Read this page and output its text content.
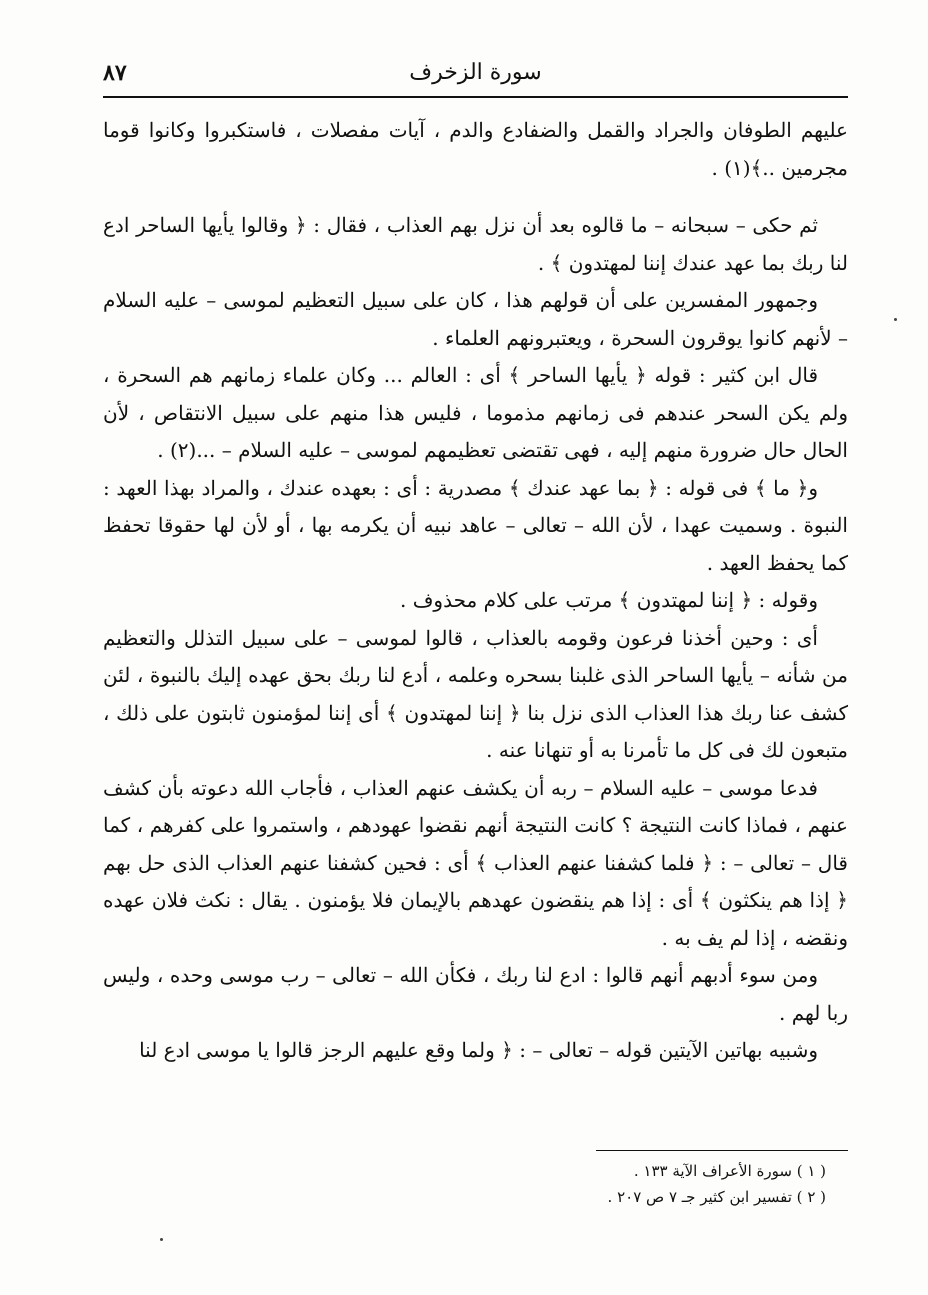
سورة الزخرف
٨٧

عليهم الطوفان والجراد والقمل والضفادع والدم ، آيات مفصلات ، فاستكبروا وكانوا قوما مجرمين ..﴾(١) .

ثم حكى – سبحانه – ما قالوه بعد أن نزل بهم العذاب ، فقال : ﴿ وقالوا يأيها الساحر ادع لنا ربك بما عهد عندك إننا لمهتدون ﴾ .

وجمهور المفسرين على أن قولهم هذا ، كان على سبيل التعظيم لموسى – عليه السلام – لأنهم كانوا يوقرون السحرة ، ويعتبرونهم العلماء .

قال ابن كثير : قوله ﴿ يأيها الساحر ﴾ أى : العالم ... وكان علماء زمانهم هم السحرة ، ولم يكن السحر عندهم فى زمانهم مذموما ، فليس هذا منهم على سبيل الانتقاص ، لأن الحال حال ضرورة منهم إليه ، فهى تقتضى تعظيمهم لموسى – عليه السلام – ...(٢) .

و﴿ ما ﴾ فى قوله : ﴿ بما عهد عندك ﴾ مصدرية : أى : بعهده عندك ، والمراد بهذا العهد : النبوة . وسميت عهدا ، لأن الله – تعالى – عاهد نبيه أن يكرمه بها ، أو لأن لها حقوقا تحفظ كما يحفظ العهد .

وقوله : ﴿ إننا لمهتدون ﴾ مرتب على كلام محذوف .

أى : وحين أخذنا فرعون وقومه بالعذاب ، قالوا لموسى – على سبيل التذلل والتعظيم من شأنه – يأيها الساحر الذى غلبنا بسحره وعلمه ، أدع لنا ربك بحق عهده إليك بالنبوة ، لئن كشف عنا ربك هذا العذاب الذى نزل بنا ﴿ إننا لمهتدون ﴾ أى إننا لمؤمنون ثابتون على ذلك ، متبعون لك فى كل ما تأمرنا به أو تنهانا عنه .

فدعا موسى – عليه السلام – ربه أن يكشف عنهم العذاب ، فأجاب الله دعوته بأن كشف عنهم ، فماذا كانت النتيجة ؟ كانت النتيجة أنهم نقضوا عهودهم ، واستمروا على كفرهم ، كما قال – تعالى – : ﴿ فلما كشفنا عنهم العذاب ﴾ أى : فحين كشفنا عنهم العذاب الذى حل بهم ﴿ إذا هم ينكثون ﴾ أى : إذا هم ينقضون عهدهم بالإيمان فلا يؤمنون . يقال : نكث فلان عهده ونقضه ، إذا لم يف به .

ومن سوء أدبهم أنهم قالوا : ادع لنا ربك ، فكأن الله – تعالى – رب موسى وحده ، وليس ربا لهم .

وشبيه بهاتين الآيتين قوله – تعالى – : ﴿ ولما وقع عليهم الرجز قالوا يا موسى ادع لنا

( ١ ) سورة الأعراف الآية ١٣٣ .

( ٢ ) تفسير ابن كثير جـ ٧ ص ٢٠٧ .
